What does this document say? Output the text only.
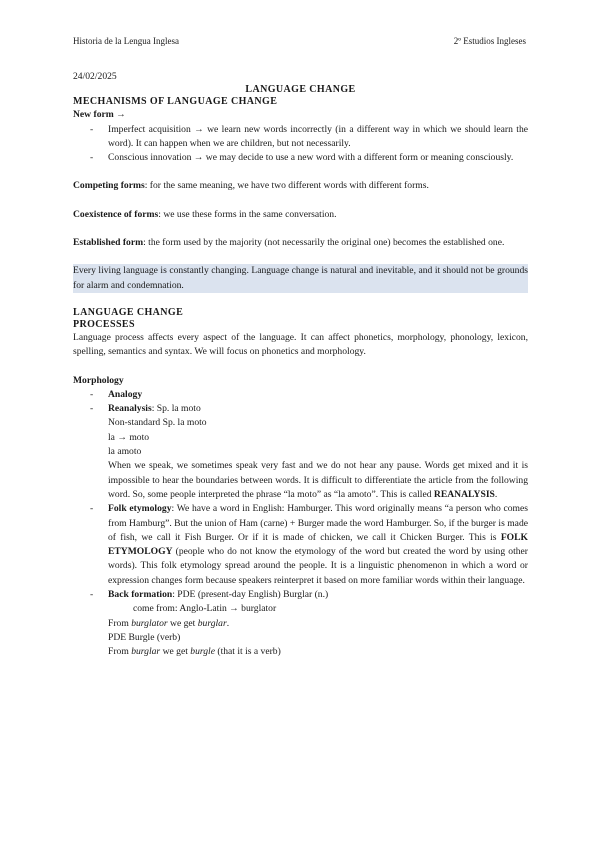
Historia de la Lengua Inglesa	2º Estudios Ingleses

24/02/2025

LANGUAGE CHANGE

MECHANISMS OF LANGUAGE CHANGE

New form →

- Imperfect acquisition → we learn new words incorrectly (in a different way in which we should learn the word). It can happen when we are children, but not necessarily.
- Conscious innovation → we may decide to use a new word with a different form or meaning consciously.

Competing forms: for the same meaning, we have two different words with different forms.

Coexistence of forms: we use these forms in the same conversation.

Established form: the form used by the majority (not necessarily the original one) becomes the established one.

Every living language is constantly changing. Language change is natural and inevitable, and it should not be grounds for alarm and condemnation.

LANGUAGE CHANGE

PROCESSES

Language process affects every aspect of the language. It can affect phonetics, morphology, phonology, lexicon, spelling, semantics and syntax. We will focus on phonetics and morphology.

Morphology

- Analogy
- Reanalysis: Sp. la moto
Non-standard Sp. la moto
la → moto
la amoto
When we speak, we sometimes speak very fast and we do not hear any pause. Words get mixed and it is impossible to hear the boundaries between words. It is difficult to differentiate the article from the following word. So, some people interpreted the phrase “la moto” as “la amoto”. This is called REANALYSIS.
- Folk etymology: We have a word in English: Hamburger. This word originally means “a person who comes from Hamburg”. But the union of Ham (carne) + Burger made the word Hamburger. So, if the burger is made of fish, we call it Fish Burger. Or if it is made of chicken, we call it Chicken Burger. This is FOLK ETYMOLOGY (people who do not know the etymology of the word but created the word by using other words). This folk etymology spread around the people. It is a linguistic phenomenon in which a word or expression changes form because speakers reinterpret it based on more familiar words within their language.
- Back formation: PDE (present-day English) Burglar (n.)

come from: Anglo-Latin → burglator

From burglator we get burglar.

PDE Burgle (verb)

From burglar we get burgle (that it is a verb)
